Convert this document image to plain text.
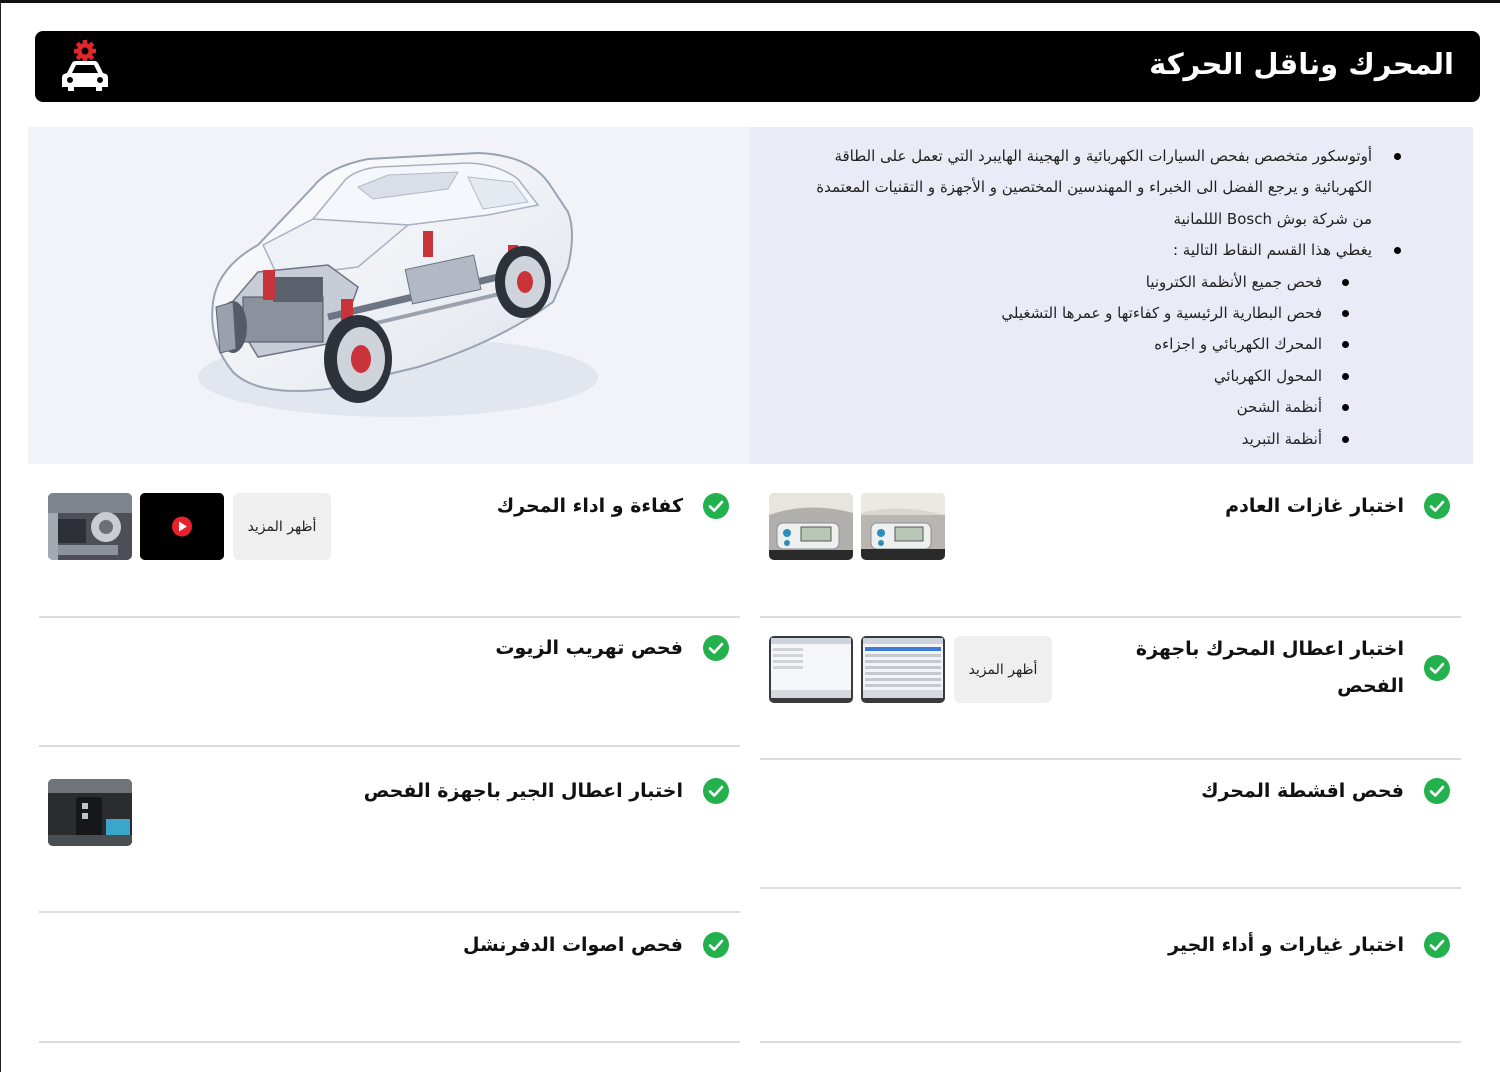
المحرك وناقل الحركة
أوتوسكور متخصص بفحص السيارات الكهربائية و الهجينة الهايبرد التي تعمل على الطاقة الكهربائية و يرجع الفضل الى الخبراء و المهندسين المختصين و الأجهزة و التقنيات المعتمدة من شركة بوش Bosch الللمانية
يغطي هذا القسم النقاط التالية :
فحص جميع الأنظمة الكترونيا
فحص البطارية الرئيسية و كفاءتها و عمرها التشغيلي
المحرك الكهربائي و اجزاءه
المحول الكهربائي
أنظمة الشحن
أنظمة التبريد
اختبار غازات العادم
اختبار اعطال المحرك باجهزة
الفحص
أظهر المزيد
فحص اقشطة المحرك
اختبار غيارات و أداء الجير
كفاءة و اداء المحرك
أظهر المزيد
فحص تهريب الزيوت
اختبار اعطال الجير باجهزة الفحص
فحص اصوات الدفرنشل
